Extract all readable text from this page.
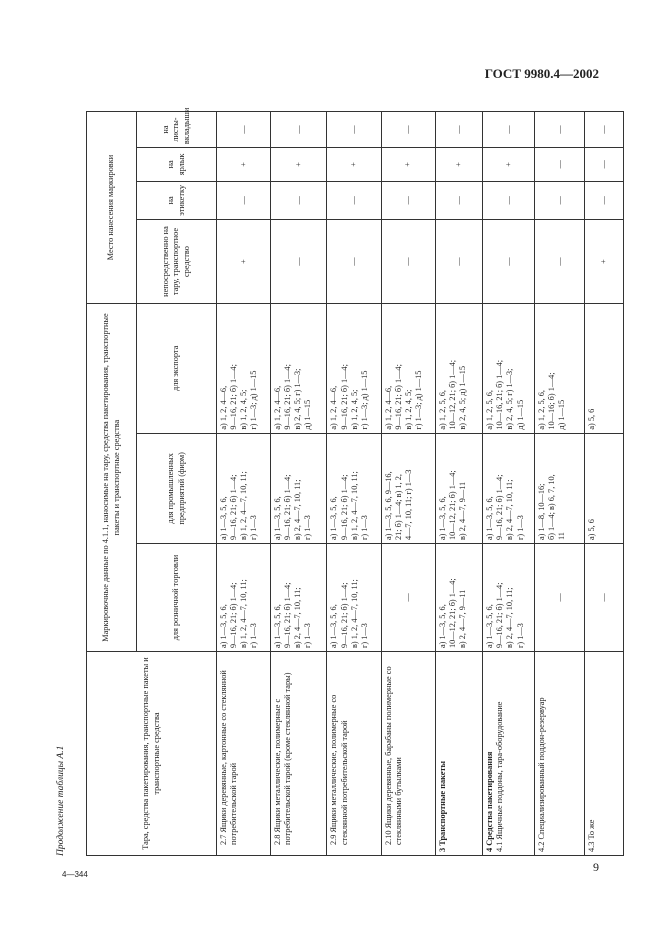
ГОСТ 9980.4—2002
Продолжение таблицы А.1	Тара, средства пакетирования, транспортные пакеты и транспортные средства	Маркировочные данные по 4.1.1, наносимые на тару, средства пакетирования, транспортные пакеты и транспортные средства			Место нанесения маркировки			
	для розничной торговли	для промышленных предприятий (фирм)	для экспорта	непосредственно на тару, транспортное средство	на этикетку	на ярлык	на листы-вкладыши
2.7 Ящики деревянные, картонные со стеклянной потребительской тарой	а) 1—3, 5, 6, 9—16, 21; б) 1—4; в) 1, 2, 4—7, 10, 11; г) 1—3	а) 1—3, 5, 6, 9—16, 21; б) 1—4; в) 1, 2, 4—7, 10, 11; г) 1—3	а) 1, 2, 4—6, 9—16, 21; б) 1—4; в) 1, 2, 4, 5; г) 1—3; д) 1—15	+	—	+	—
2.8 Ящики металлические, полимерные с потребительской тарой (кроме стеклянной тары)	а) 1—3, 5, 6, 9—16, 21; б) 1—4; в) 2, 4—7, 10, 11; г) 1—3	а) 1—3, 5, 6, 9—16, 21; б) 1—4; в) 2, 4—7, 10, 11; г) 1—3	а) 1, 2, 4—6, 9—16, 21; б) 1—4; в) 2, 4, 5; г) 1—3; д) 1—15	—	—	+	—
2.9 Ящики металлические, полимерные со стеклянной потребительской тарой	а) 1—3, 5, 6, 9—16, 21; б) 1—4; в) 1, 2, 4—7, 10, 11; г) 1—3	а) 1—3, 5, 6, 9—16, 21; б) 1—4; в) 1, 2, 4—7, 10, 11; г) 1—3	а) 1, 2, 4—6, 9—16, 21; б) 1—4; в) 1, 2, 4, 5; г) 1—3; д) 1—15	—	—	+	—
2.10 Ящики деревянные, барабаны полимерные со стеклянными бутылками	—	а) 1—3, 5, 6, 9—16, 21; б) 1—4; в) 1, 2, 4—7, 10, 11; г) 1—3	а) 1, 2, 4—6, 9—16, 21; б) 1—4; в) 1, 2, 4, 5; г) 1—3; д) 1—15	—	—	+	—
3 Транспортные пакеты	а) 1—3, 5, 6, 10—12, 21; б) 1—4; в) 2, 4—7, 9—11	а) 1—3, 5, 6, 10—12, 21; б) 1—4; в) 2, 4—7, 9—11	а) 1, 2, 5, 6, 10—12, 21; б) 1—4; в) 2, 4, 5; д) 1—15	—	—	+	—
4 Средства пакетирования 4.1 Ящичные поддоны, тара-оборудование	а) 1—3, 5, 6, 9—16, 21; б) 1—4; в) 2, 4—7, 10, 11; г) 1—3	а) 1—3, 5, 6, 9—16, 21; б) 1—4; в) 2, 4—7, 10, 11; г) 1—3	а) 1, 2, 5, 6, 10—16, 21; б) 1—4; в) 2, 4, 5; г) 1—3; д) 1—15	—	—	+	—
4.2 Специализированный поддон-резервуар	—	а) 1—8, 10—16; б) 1—4; в) 6, 7, 10, 11	а) 1, 2, 5, 6, 10—16; б) 1—4; д) 1—15	—	—	—	—
4.3 То же	—	а) 5, 6	а) 5, 6	+	—	—	—
4—344
9
